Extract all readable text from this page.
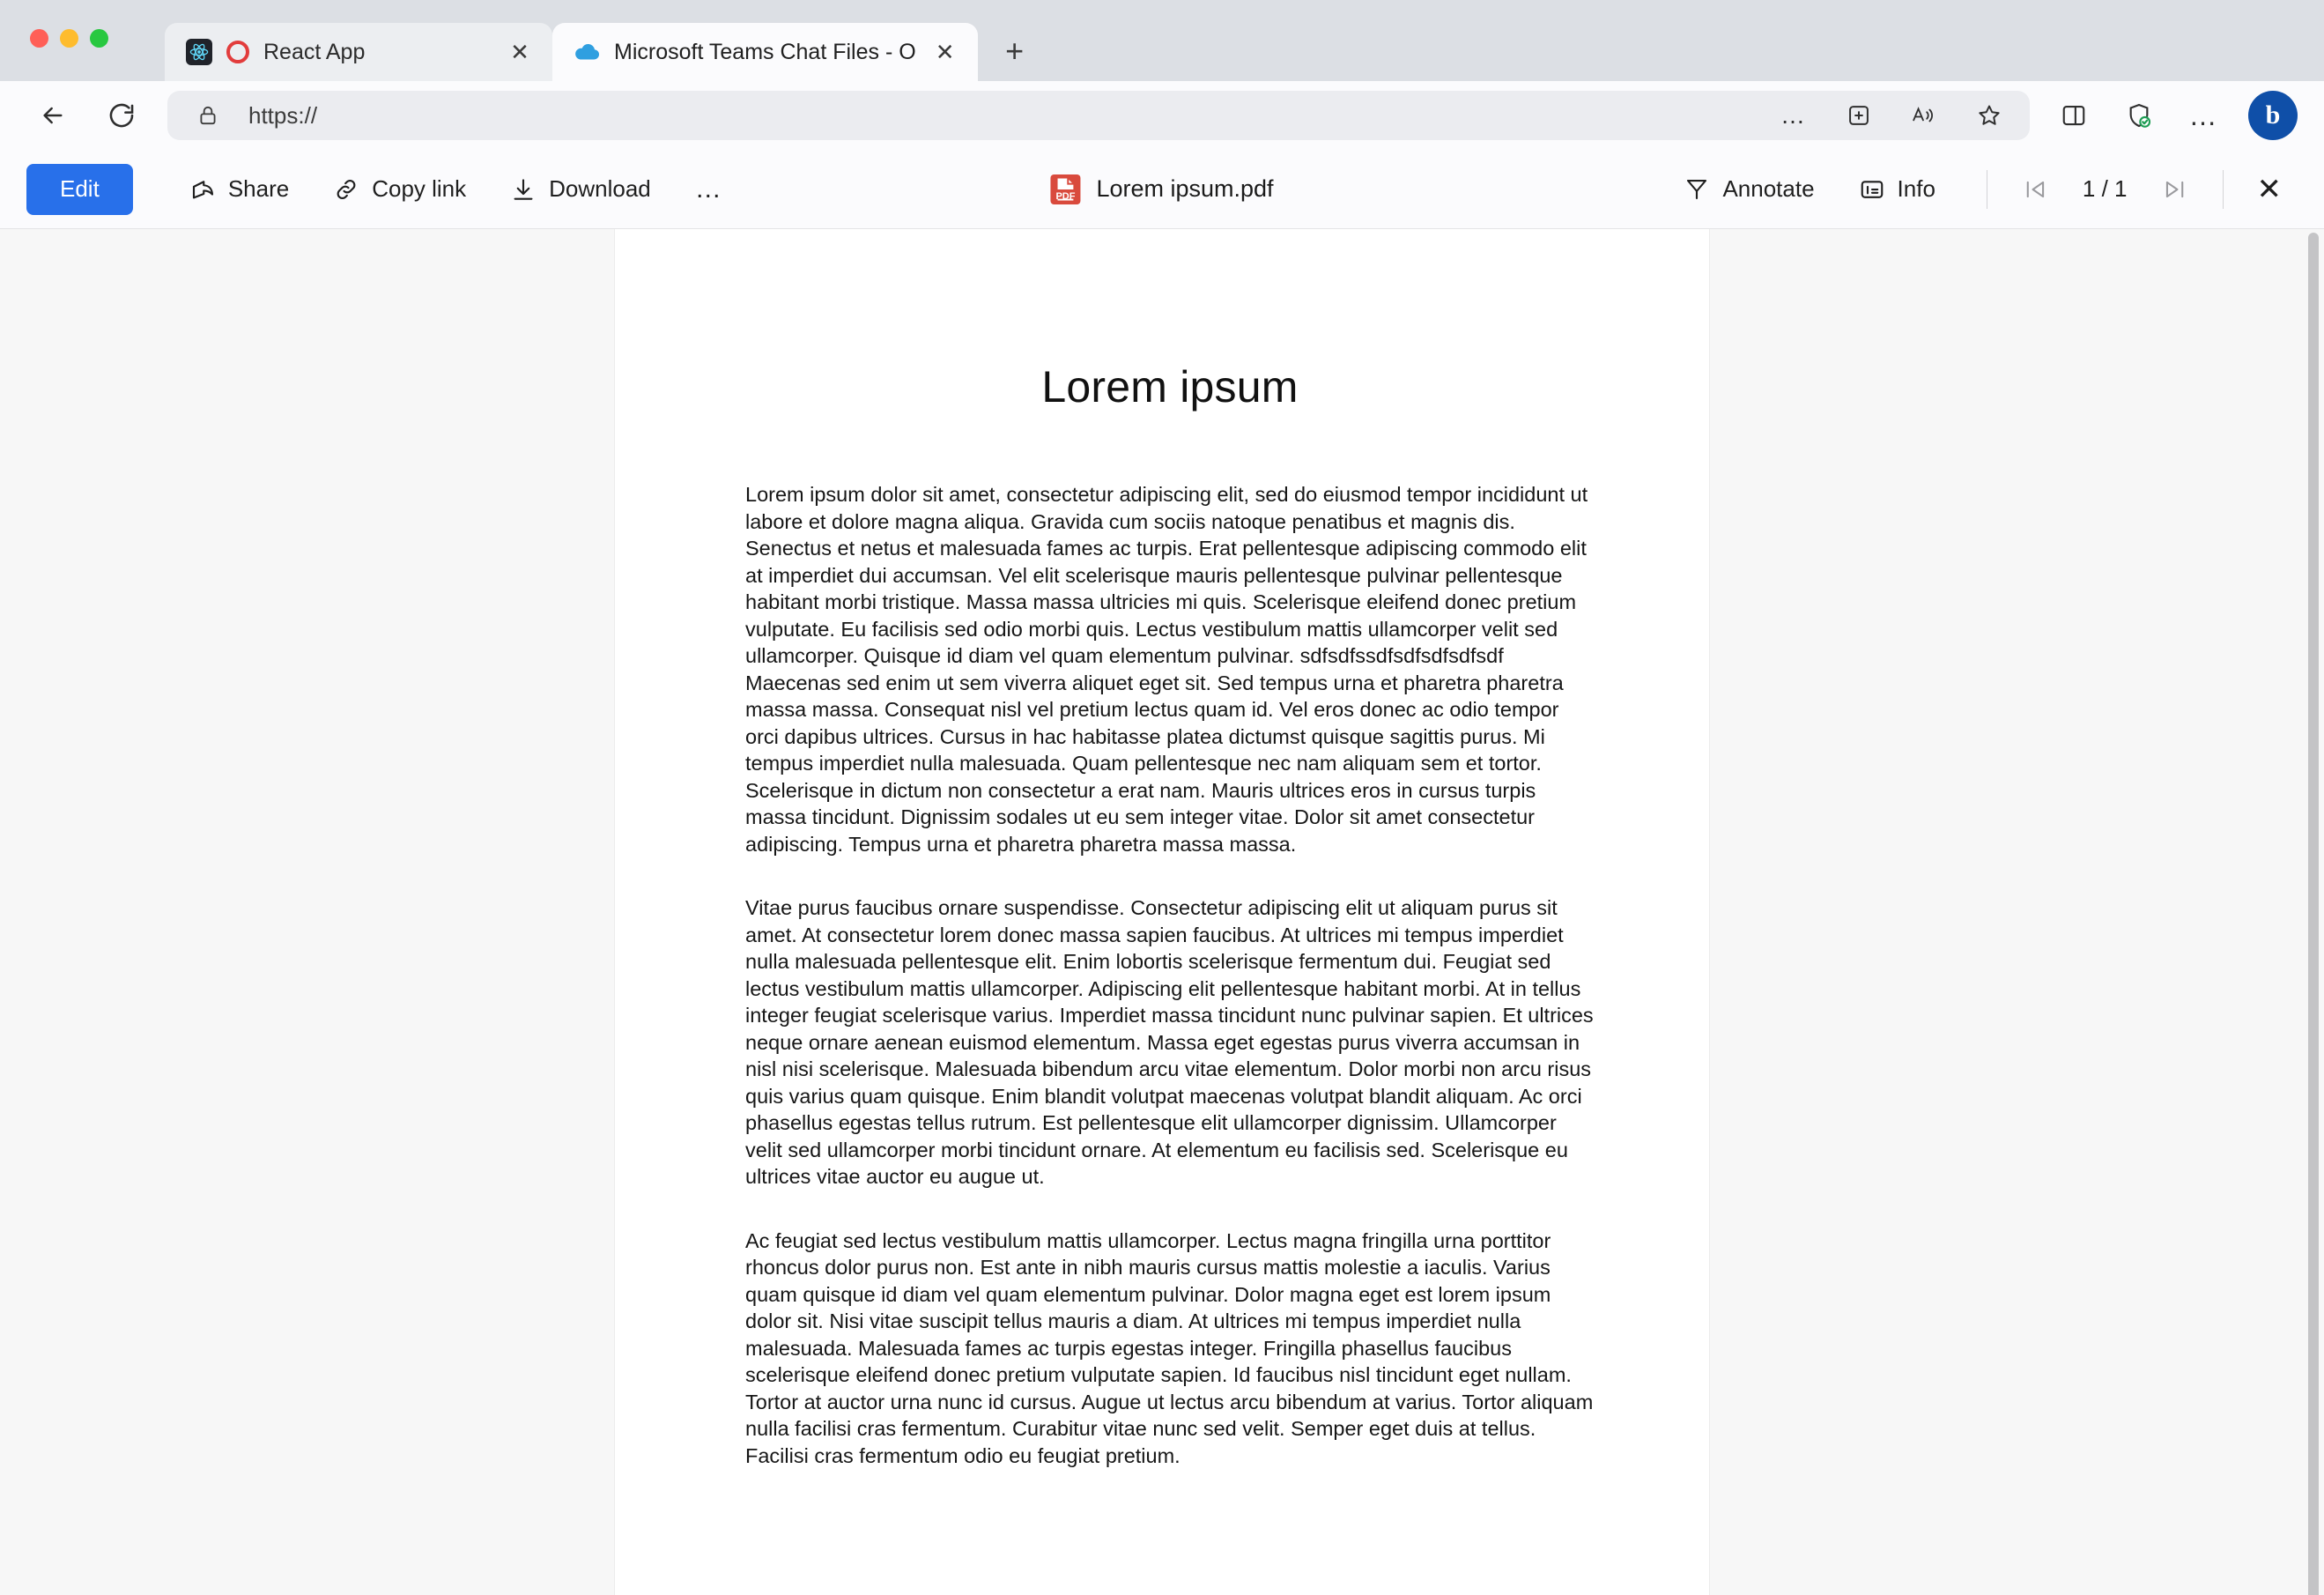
React App	✕	Microsoft Teams Chat Files - O ✕	+
https://	…	…	b
Edit	Share	Copy link	Download	…	PDF Lorem ipsum.pdf	Annotate	Info	1 / 1	✕
Lorem ipsum

Lorem ipsum dolor sit amet, consectetur adipiscing elit, sed do eiusmod tempor incididunt ut labore et dolore magna aliqua. Gravida cum sociis natoque penatibus et magnis dis. Senectus et netus et malesuada fames ac turpis. Erat pellentesque adipiscing commodo elit at imperdiet dui accumsan. Vel elit scelerisque mauris pellentesque pulvinar pellentesque habitant morbi tristique. Massa massa ultricies mi quis. Scelerisque eleifend donec pretium vulputate. Eu facilisis sed odio morbi quis. Lectus vestibulum mattis ullamcorper velit sed ullamcorper. Quisque id diam vel quam elementum pulvinar. sdfsdfssdfsdfsdfsdfsdf

Maecenas sed enim ut sem viverra aliquet eget sit. Sed tempus urna et pharetra pharetra massa massa. Consequat nisl vel pretium lectus quam id. Vel eros donec ac odio tempor orci dapibus ultrices. Cursus in hac habitasse platea dictumst quisque sagittis purus. Mi tempus imperdiet nulla malesuada. Quam pellentesque nec nam aliquam sem et tortor. Scelerisque in dictum non consectetur a erat nam. Mauris ultrices eros in cursus turpis massa tincidunt. Dignissim sodales ut eu sem integer vitae. Dolor sit amet consectetur adipiscing. Tempus urna et pharetra pharetra massa massa.

Vitae purus faucibus ornare suspendisse. Consectetur adipiscing elit ut aliquam purus sit amet. At consectetur lorem donec massa sapien faucibus. At ultrices mi tempus imperdiet nulla malesuada pellentesque elit. Enim lobortis scelerisque fermentum dui. Feugiat sed lectus vestibulum mattis ullamcorper. Adipiscing elit pellentesque habitant morbi. At in tellus integer feugiat scelerisque varius. Imperdiet massa tincidunt nunc pulvinar sapien. Et ultrices neque ornare aenean euismod elementum. Massa eget egestas purus viverra accumsan in nisl nisi scelerisque. Malesuada bibendum arcu vitae elementum. Dolor morbi non arcu risus quis varius quam quisque. Enim blandit volutpat maecenas volutpat blandit aliquam. Ac orci phasellus egestas tellus rutrum. Est pellentesque elit ullamcorper dignissim. Ullamcorper velit sed ullamcorper morbi tincidunt ornare. At elementum eu facilisis sed. Scelerisque eu ultrices vitae auctor eu augue ut.

Ac feugiat sed lectus vestibulum mattis ullamcorper. Lectus magna fringilla urna porttitor rhoncus dolor purus non. Est ante in nibh mauris cursus mattis molestie a iaculis. Varius quam quisque id diam vel quam elementum pulvinar. Dolor magna eget est lorem ipsum dolor sit. Nisi vitae suscipit tellus mauris a diam. At ultrices mi tempus imperdiet nulla malesuada. Malesuada fames ac turpis egestas integer. Fringilla phasellus faucibus scelerisque eleifend donec pretium vulputate sapien. Id faucibus nisl tincidunt eget nullam. Tortor at auctor urna nunc id cursus. Augue ut lectus arcu bibendum at varius. Tortor aliquam nulla facilisi cras fermentum. Curabitur vitae nunc sed velit. Semper eget duis at tellus. Facilisi cras fermentum odio eu feugiat pretium.
